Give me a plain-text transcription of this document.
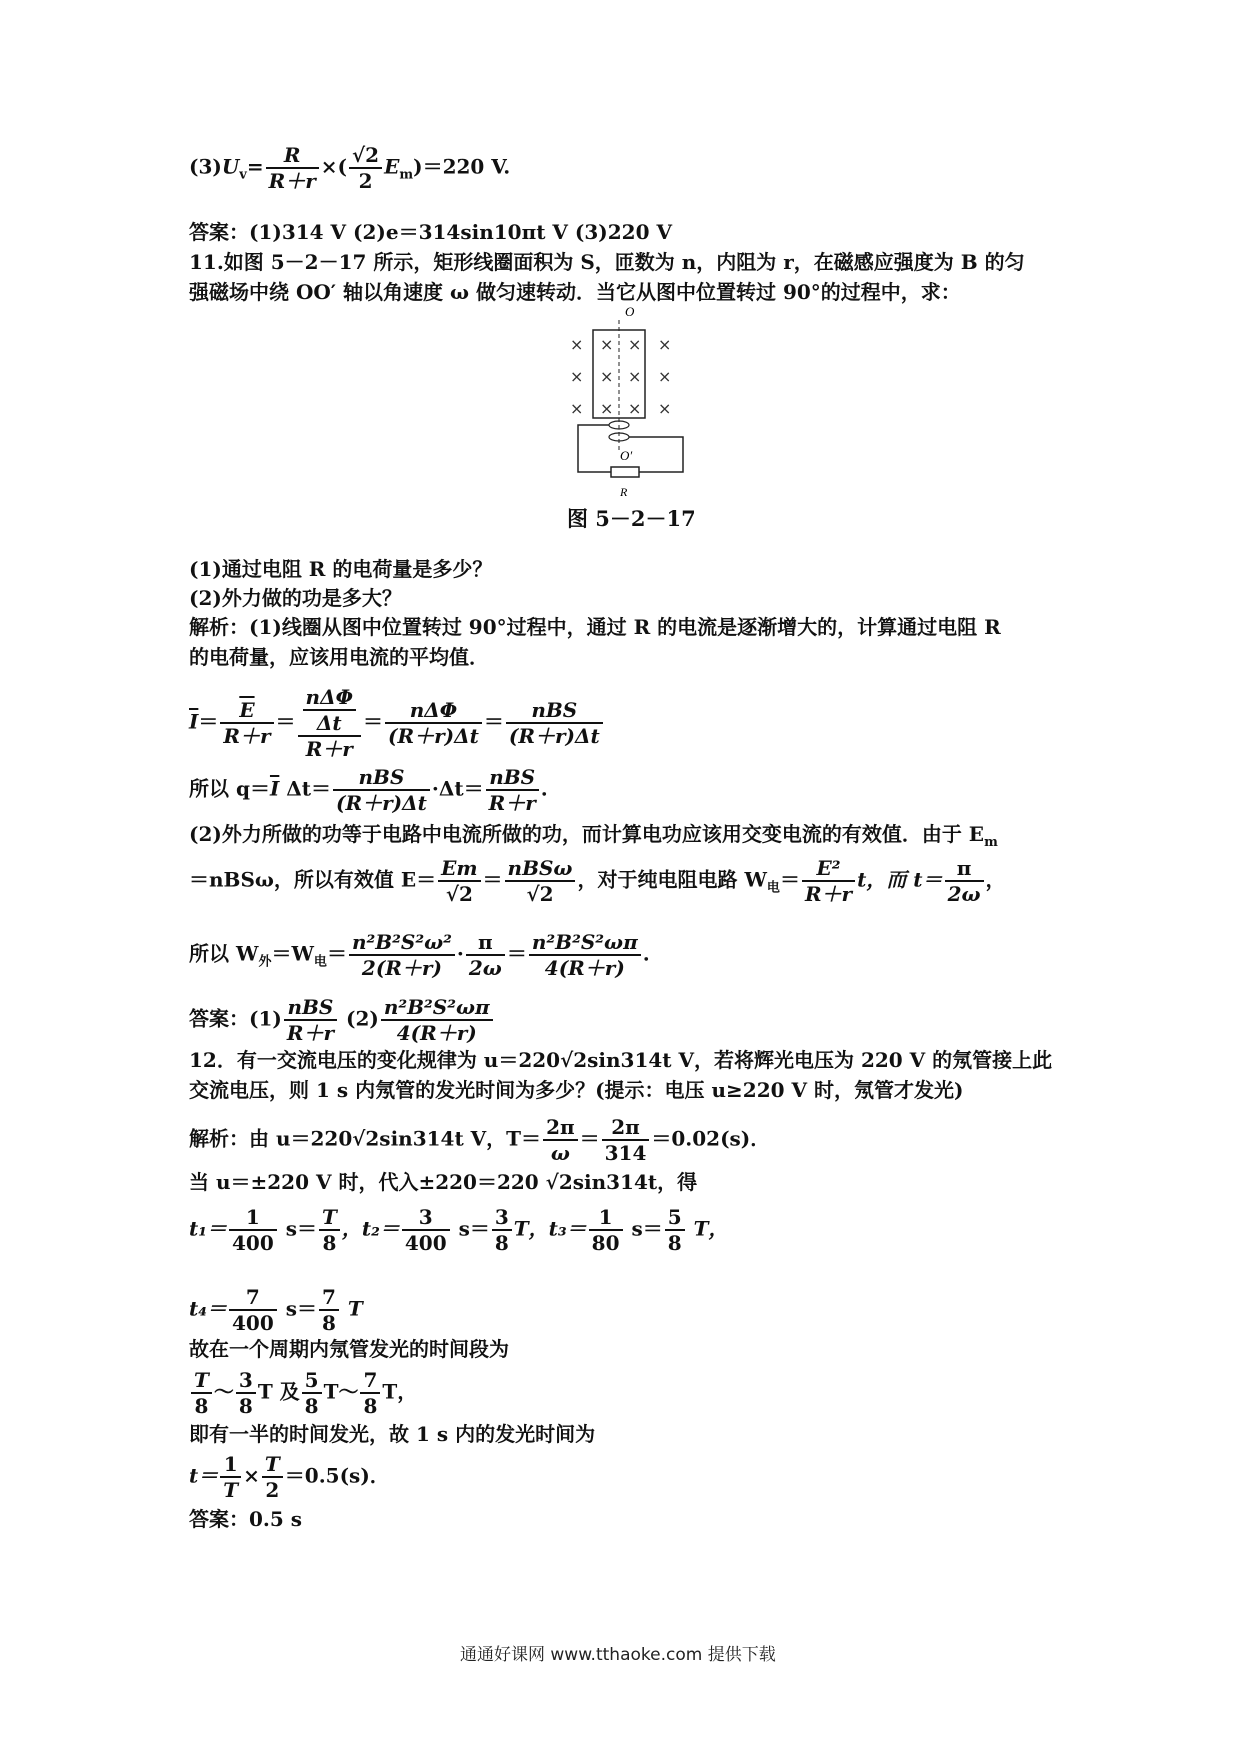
$(3)U_v= \frac{R}{R+r}$ ×( $\frac{√2}{2} E_m)=220$ V.
答案：(1)314 V (2)e＝314sin10πt V (3)220 V
11.如图 5－2－17 所示，矩形线圈面积为 S，匝数为 n，内阻为 r，在磁感应强度为 B 的匀
强磁场中绕 OO′ 轴以角速度 ω 做匀速转动．当它从图中位置转过 90°的过程中，求：
O
× × × ×
× × × ×
× × × ×
O′
R
图 5－2－17
(1)通过电阻 R 的电荷量是多少？
(2)外力做的功是多大？
解析：(1)线圈从图中位置转过 90°过程中，通过 R 的电流是逐渐增大的，计算通过电阻 R
的电荷量，应该用电流的平均值．
$\overline{I}= \frac{\overline{E}}{R+r} = \frac{\frac{\text{nΔΦ}}{\Delta t}}{R+r} = \frac{\text{nΔΦ}}{(R+r)\Delta t} = \frac{\text{nBS}}{(R+r)\Delta t}$
所以 $q=\overline{I}$ $\Delta t= \frac{\text{nBS}}{(R+r)\Delta t} \cdot\Delta t= \frac{\text{nBS}}{R+r}$ .
(2)外力所做的功等于电路中电流所做的功，而计算电功应该用交变电流的有效值．由于 $E_m$
＝nBSω，所以有效值 $E= \frac{Em}{√2} = \frac{\text{nBSω}}{√2}$ ，对于纯电阻电路 $W_电= \frac{\text{E²}}{R+r}$ t，而 $t= \frac{\pi}{2\omega}$ ，
所以 $W_外=W_电= \frac{\text{n²B²S²ω²}}{2(R+r)} \cdot \frac{\pi}{2\omega} = \frac{\text{n²B²S²ωπ}}{4(R+r)}$ .
答案：$(1) \frac{\text{nBS}}{R+r} (2) \frac{\text{n²B²S²ωπ}}{4(R+r)}$
12．有一交流电压的变化规律为 u＝220√2sin314t V，若将辉光电压为 220 V 的氖管接上此
交流电压，则 1 s 内氖管的发光时间为多少？(提示：电压 u≥220 V 时，氖管才发光)
解析：由 u＝220√2sin314t V，$T= \frac{2\pi}{\omega} = \frac{2\pi}{314} =0.02(s)$．
当 u＝±220 V 时，代入±220＝220 √2sin314t，得
$t_1= \frac{1}{400} s= \frac{T}{8}$ ，$t_2= \frac{3}{400} s= \frac{3}{8}$ T，$t_3= \frac{1}{80} s= \frac{5}{8}$ T，
$t_4= \frac{7}{400} s= \frac{7}{8}$ T
故在一个周期内氖管发光的时间段为
$\frac{T}{8}$ ～ $\frac{3}{8}$ T 及 $\frac{5}{8}$ T～ $\frac{7}{8}$ T，
即有一半的时间发光，故 1 s 内的发光时间为
$t= \frac{1}{T} \times \frac{T}{2} =0.5(s)$．
答案：0.5 s
通通好课网 www.tthaoke.com 提供下载
